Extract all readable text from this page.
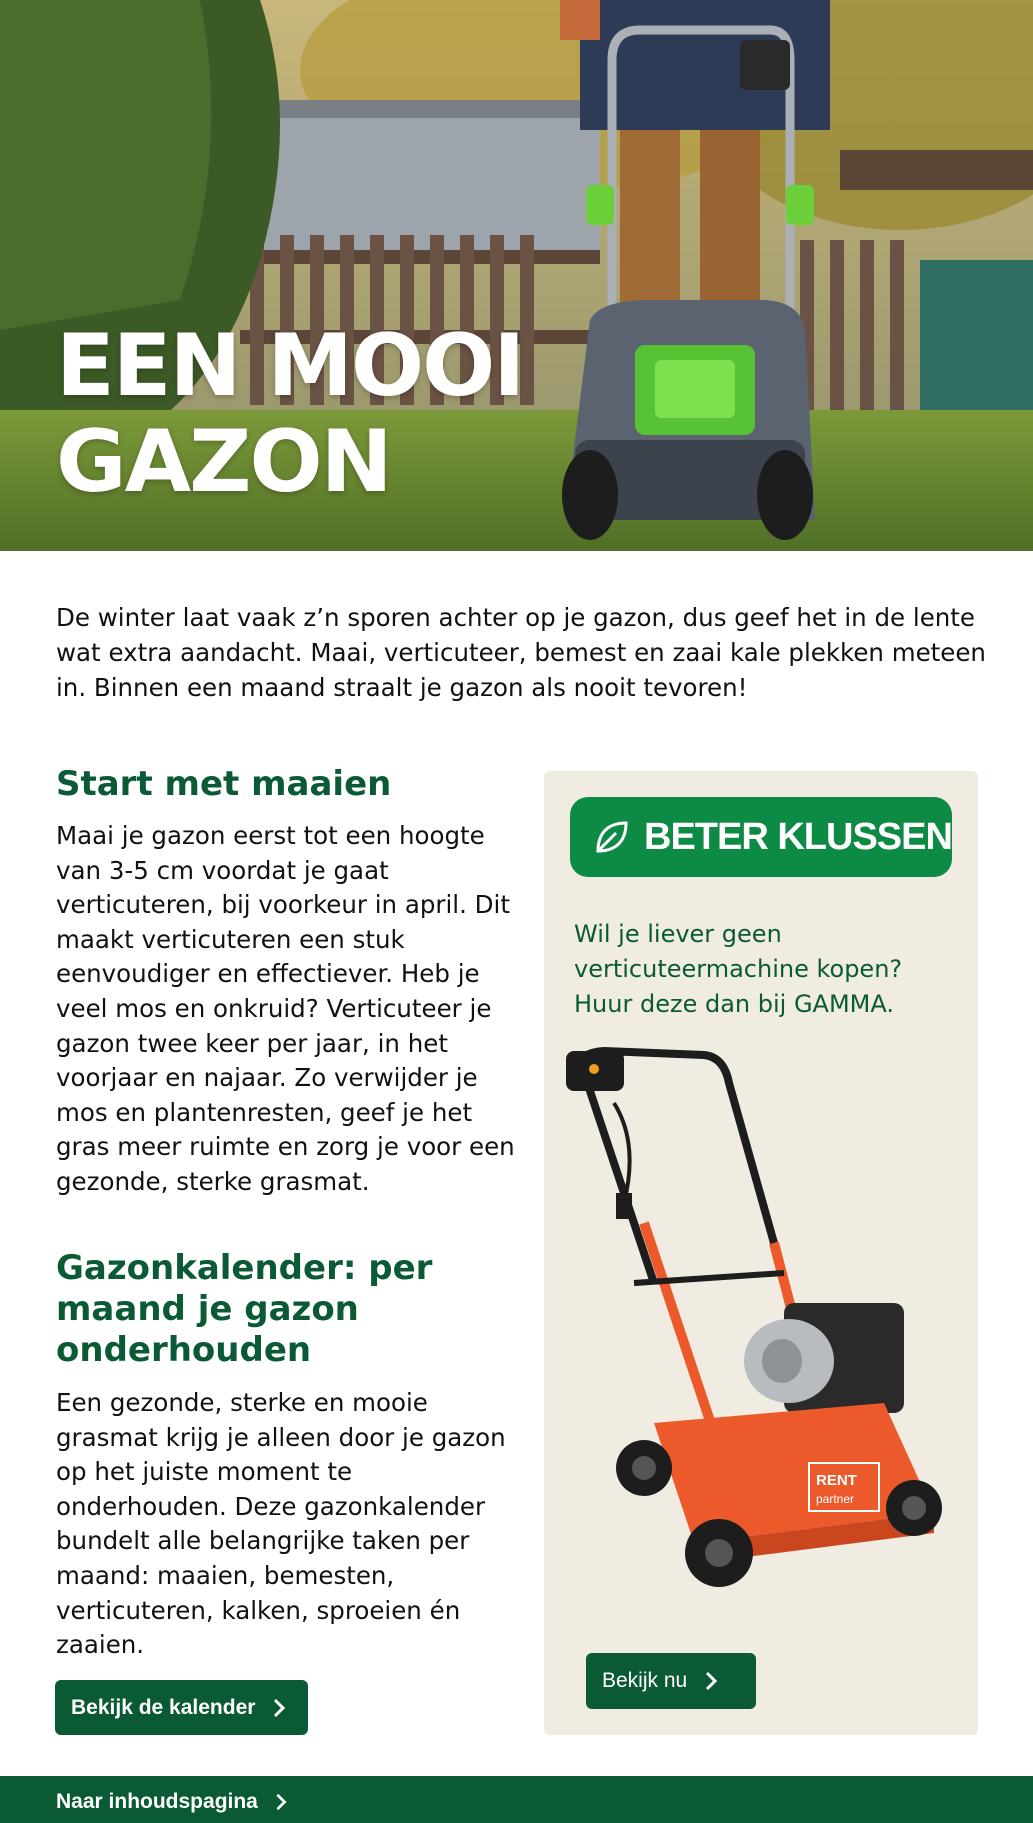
EEN MOOI
GAZON

De winter laat vaak z’n sporen achter op je gazon, dus geef het in de lente wat extra aandacht. Maai, verticuteer, bemest en zaai kale plekken meteen in. Binnen een maand straalt je gazon als nooit tevoren!

Start met maaien

Maai je gazon eerst tot een hoogte van 3-5 cm voordat je gaat verticuteren, bij voorkeur in april. Dit maakt verticuteren een stuk eenvoudiger en effectiever. Heb je veel mos en onkruid? Verticuteer je gazon twee keer per jaar, in het voorjaar en najaar. Zo verwijder je mos en plantenresten, geef je het gras meer ruimte en zorg je voor een gezonde, sterke grasmat.

Gazonkalender: per maand je gazon onderhouden

Een gezonde, sterke en mooie grasmat krijg je alleen door je gazon op het juiste moment te onderhouden. Deze gazonkalender bundelt alle belangrijke taken per maand: maaien, bemesten, verticuteren, kalken, sproeien én zaaien.

Bekijk de kalender
BETER KLUSSEN

Wil je liever geen verticuteermachine kopen? Huur deze dan bij GAMMA.

RENT
partner
Bekijk nu
Naar inhoudspagina
